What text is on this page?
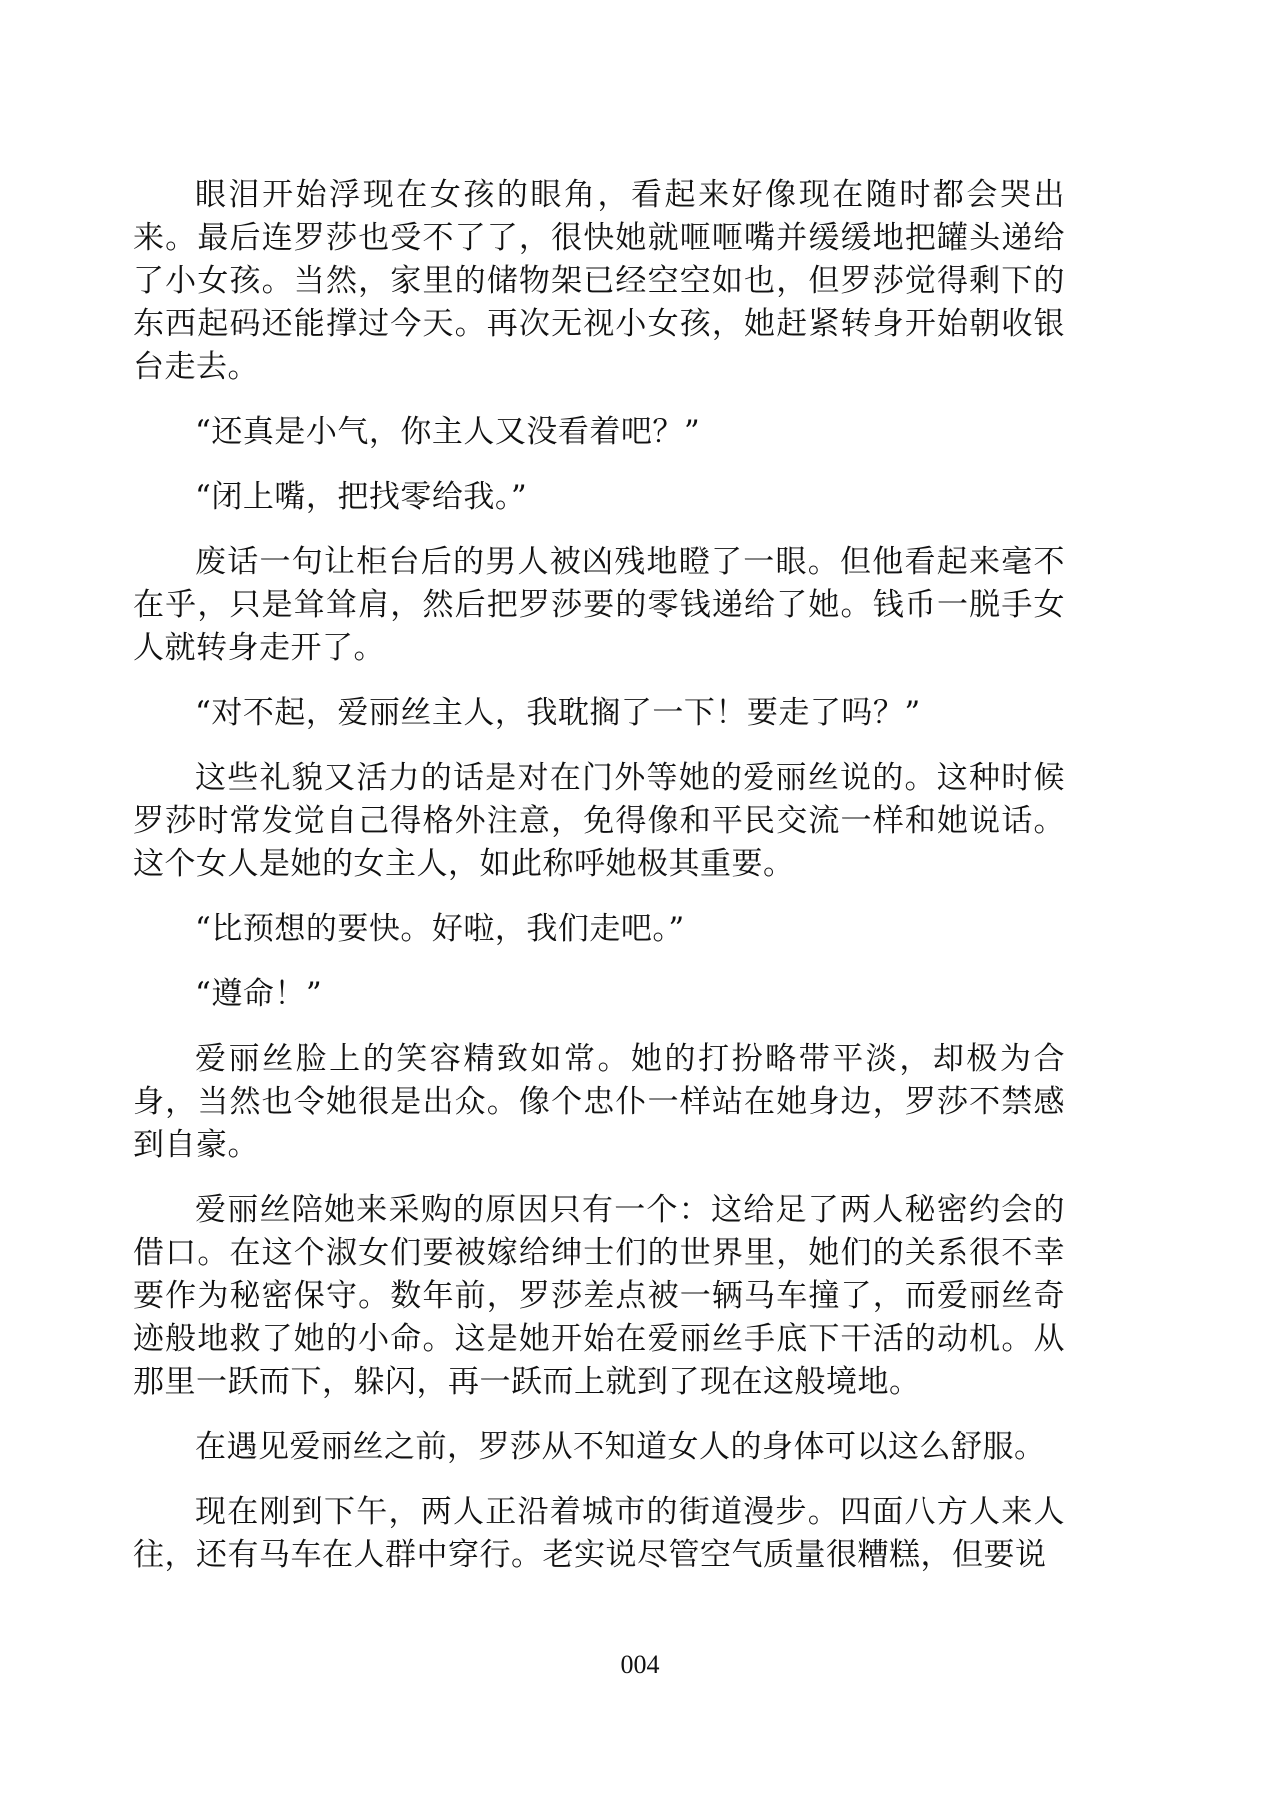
眼泪开始浮现在女孩的眼角，看起来好像现在随时都会哭出来。最后连罗莎也受不了了，很快她就咂咂嘴并缓缓地把罐头递给了小女孩。当然，家里的储物架已经空空如也，但罗莎觉得剩下的东西起码还能撑过今天。再次无视小女孩，她赶紧转身开始朝收银台走去。

“还真是小气，你主人又没看着吧？”

“闭上嘴，把找零给我。”

废话一句让柜台后的男人被凶残地瞪了一眼。但他看起来毫不在乎，只是耸耸肩，然后把罗莎要的零钱递给了她。钱币一脱手女人就转身走开了。

“对不起，爱丽丝主人，我耽搁了一下！要走了吗？”

这些礼貌又活力的话是对在门外等她的爱丽丝说的。这种时候罗莎时常发觉自己得格外注意，免得像和平民交流一样和她说话。这个女人是她的女主人，如此称呼她极其重要。

“比预想的要快。好啦，我们走吧。”

“遵命！”

爱丽丝脸上的笑容精致如常。她的打扮略带平淡，却极为合身，当然也令她很是出众。像个忠仆一样站在她身边，罗莎不禁感到自豪。

爱丽丝陪她来采购的原因只有一个：这给足了两人秘密约会的借口。在这个淑女们要被嫁给绅士们的世界里，她们的关系很不幸要作为秘密保守。数年前，罗莎差点被一辆马车撞了，而爱丽丝奇迹般地救了她的小命。这是她开始在爱丽丝手底下干活的动机。从那里一跃而下，躲闪，再一跃而上就到了现在这般境地。

在遇见爱丽丝之前，罗莎从不知道女人的身体可以这么舒服。

现在刚到下午，两人正沿着城市的街道漫步。四面八方人来人往，还有马车在人群中穿行。老实说尽管空气质量很糟糕，但要说

004
